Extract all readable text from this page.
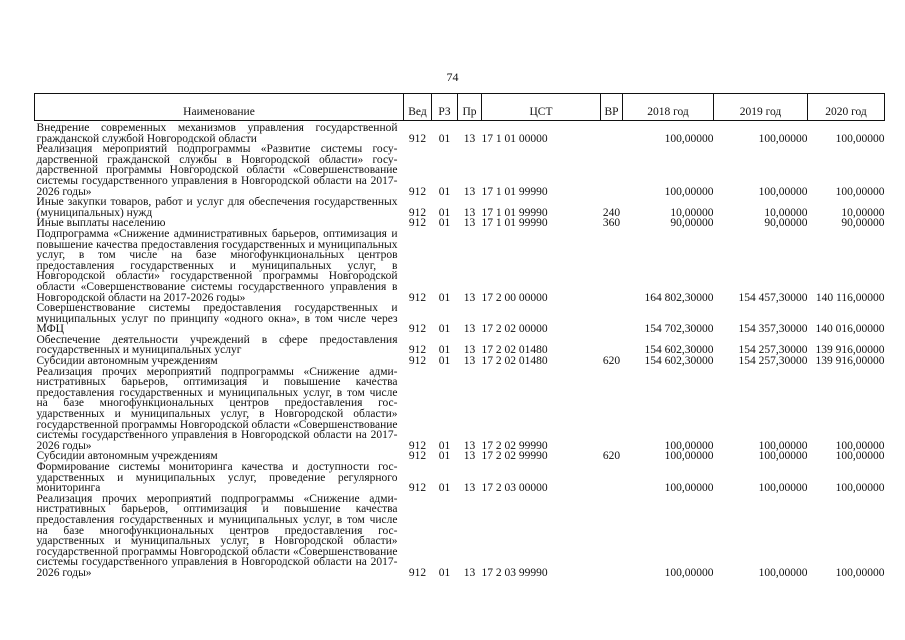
74
Наименование	Вед	РЗ	Пр	ЦСТ	ВР	2018 год	2019 год	2020 год

Внедрение современных механизмов управления государственной гражданской службой Новгородской области	912	01	13	17 1 01 00000		100,00000	100,00000	100,00000
Реализация мероприятий подпрограммы «Развитие системы государственной гражданской службы в Новгородской области» государственной программы Новгородской области «Совершенствование системы государственного управления в Новгородской области на 2017-2026 годы»	912	01	13	17 1 01 99990		100,00000	100,00000	100,00000
Иные закупки товаров, работ и услуг для обеспечения государственных (муниципальных) нужд	912	01	13	17 1 01 99990	240	10,00000	10,00000	10,00000
Иные выплаты населению	912	01	13	17 1 01 99990	360	90,00000	90,00000	90,00000
Подпрограмма «Снижение административных барьеров, оптимизация и повышение качества предоставления государственных и муниципальных услуг, в том числе на базе многофункциональных центров предоставления государственных и муниципальных услуг, в Новгородской области» государственной программы Новгородской области «Совершенствование системы государственного управления в Новгородской области на 2017-2026 годы»	912	01	13	17 2 00 00000		164 802,30000	154 457,30000	140 116,00000
Совершенствование системы предоставления государственных и муниципальных услуг по принципу «одного окна», в том числе через МФЦ	912	01	13	17 2 02 00000		154 702,30000	154 357,30000	140 016,00000
Обеспечение деятельности учреждений в сфере предоставления государственных и муниципальных услуг	912	01	13	17 2 02 01480		154 602,30000	154 257,30000	139 916,00000
Субсидии автономным учреждениям	912	01	13	17 2 02 01480	620	154 602,30000	154 257,30000	139 916,00000
Реализация прочих мероприятий подпрограммы «Снижение административных барьеров, оптимизация и повышение качества предоставления государственных и муниципальных услуг, в том числе на базе многофункциональных центров предоставления государственных и муниципальных услуг, в Новгородской области» государственной программы Новгородской области «Совершенствование системы государственного управления в Новгородской области на 2017-2026 годы»	912	01	13	17 2 02 99990		100,00000	100,00000	100,00000
Субсидии автономным учреждениям	912	01	13	17 2 02 99990	620	100,00000	100,00000	100,00000
Формирование системы мониторинга качества и доступности государственных и муниципальных услуг, проведение регулярного мониторинга	912	01	13	17 2 03 00000		100,00000	100,00000	100,00000
Реализация прочих мероприятий подпрограммы «Снижение административных барьеров, оптимизация и повышение качества предоставления государственных и муниципальных услуг, в том числе на базе многофункциональных центров предоставления государственных и муниципальных услуг, в Новгородской области» государственной программы Новгородской области «Совершенствование системы государственного управления в Новгородской области на 2017-2026 годы»	912	01	13	17 2 03 99990		100,00000	100,00000	100,00000
